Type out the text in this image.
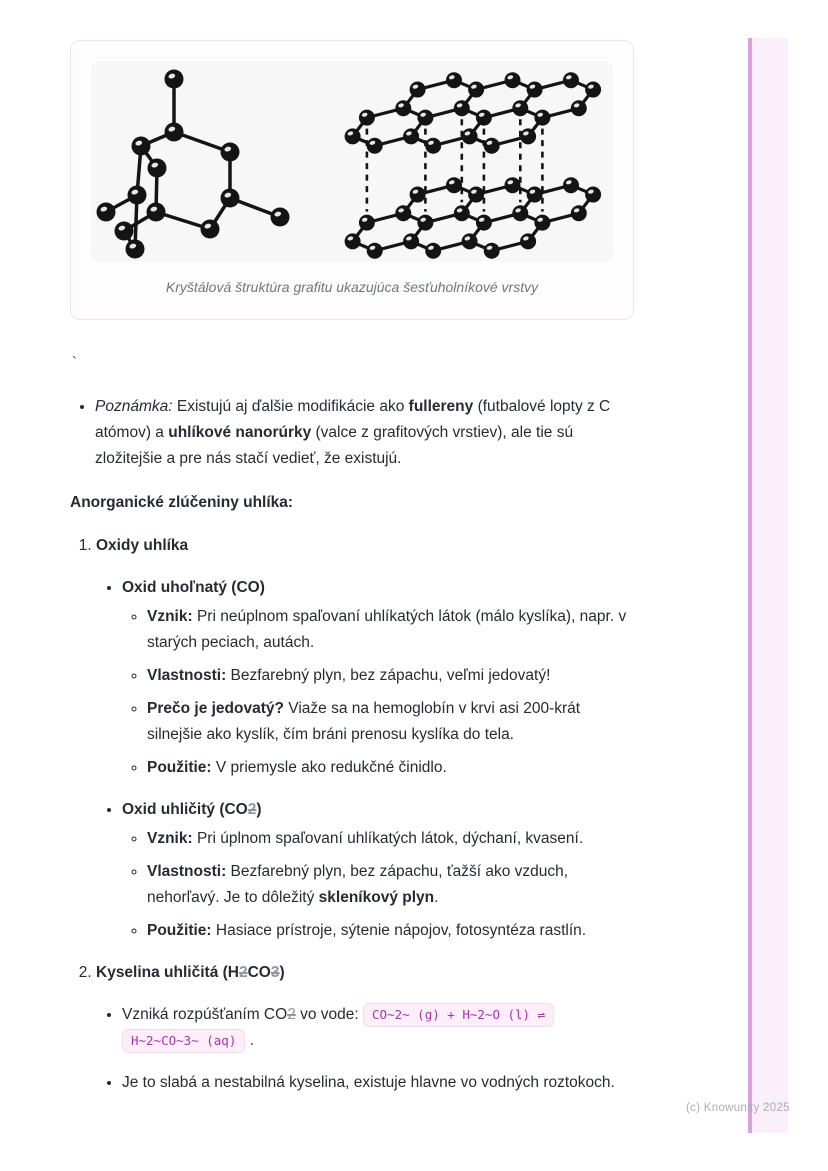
Kryštálová štruktúra grafitu ukazujúca šesťuholníkové vrstvy

`

• Poznámka: Existujú aj ďalšie modifikácie ako fullereny (futbalové lopty z C atómov) a uhlíkové nanorúrky (valce z grafitových vrstiev), ale tie sú zložitejšie a pre nás stačí vedieť, že existujú.

Anorganické zlúčeniny uhlíka:

1. Oxidy uhlíka
• Oxid uhoľnatý (CO)
◦ Vznik: Pri neúplnom spaľovaní uhlíkatých látok (málo kyslíka), napr. v starých peciach, autách.
◦ Vlastnosti: Bezfarebný plyn, bez zápachu, veľmi jedovatý!
◦ Prečo je jedovatý? Viaže sa na hemoglobín v krvi asi 200-krát silnejšie ako kyslík, čím bráni prenosu kyslíka do tela.
◦ Použitie: V priemysle ako redukčné činidlo.
• Oxid uhličitý (CO2)
◦ Vznik: Pri úplnom spaľovaní uhlíkatých látok, dýchaní, kvasení.
◦ Vlastnosti: Bezfarebný plyn, bez zápachu, ťažší ako vzduch, nehorľavý. Je to dôležitý skleníkový plyn.
◦ Použitie: Hasiace prístroje, sýtenie nápojov, fotosyntéza rastlín.
2. Kyselina uhličitá (H2CO3)
• Vzniká rozpúšťaním CO2 vo vode: CO~2~ (g) + H~2~O (l) ⇌ H~2~CO~3~ (aq) .
• Je to slabá a nestabilná kyselina, existuje hlavne vo vodných roztokoch.
(c) Knowunity 2025
